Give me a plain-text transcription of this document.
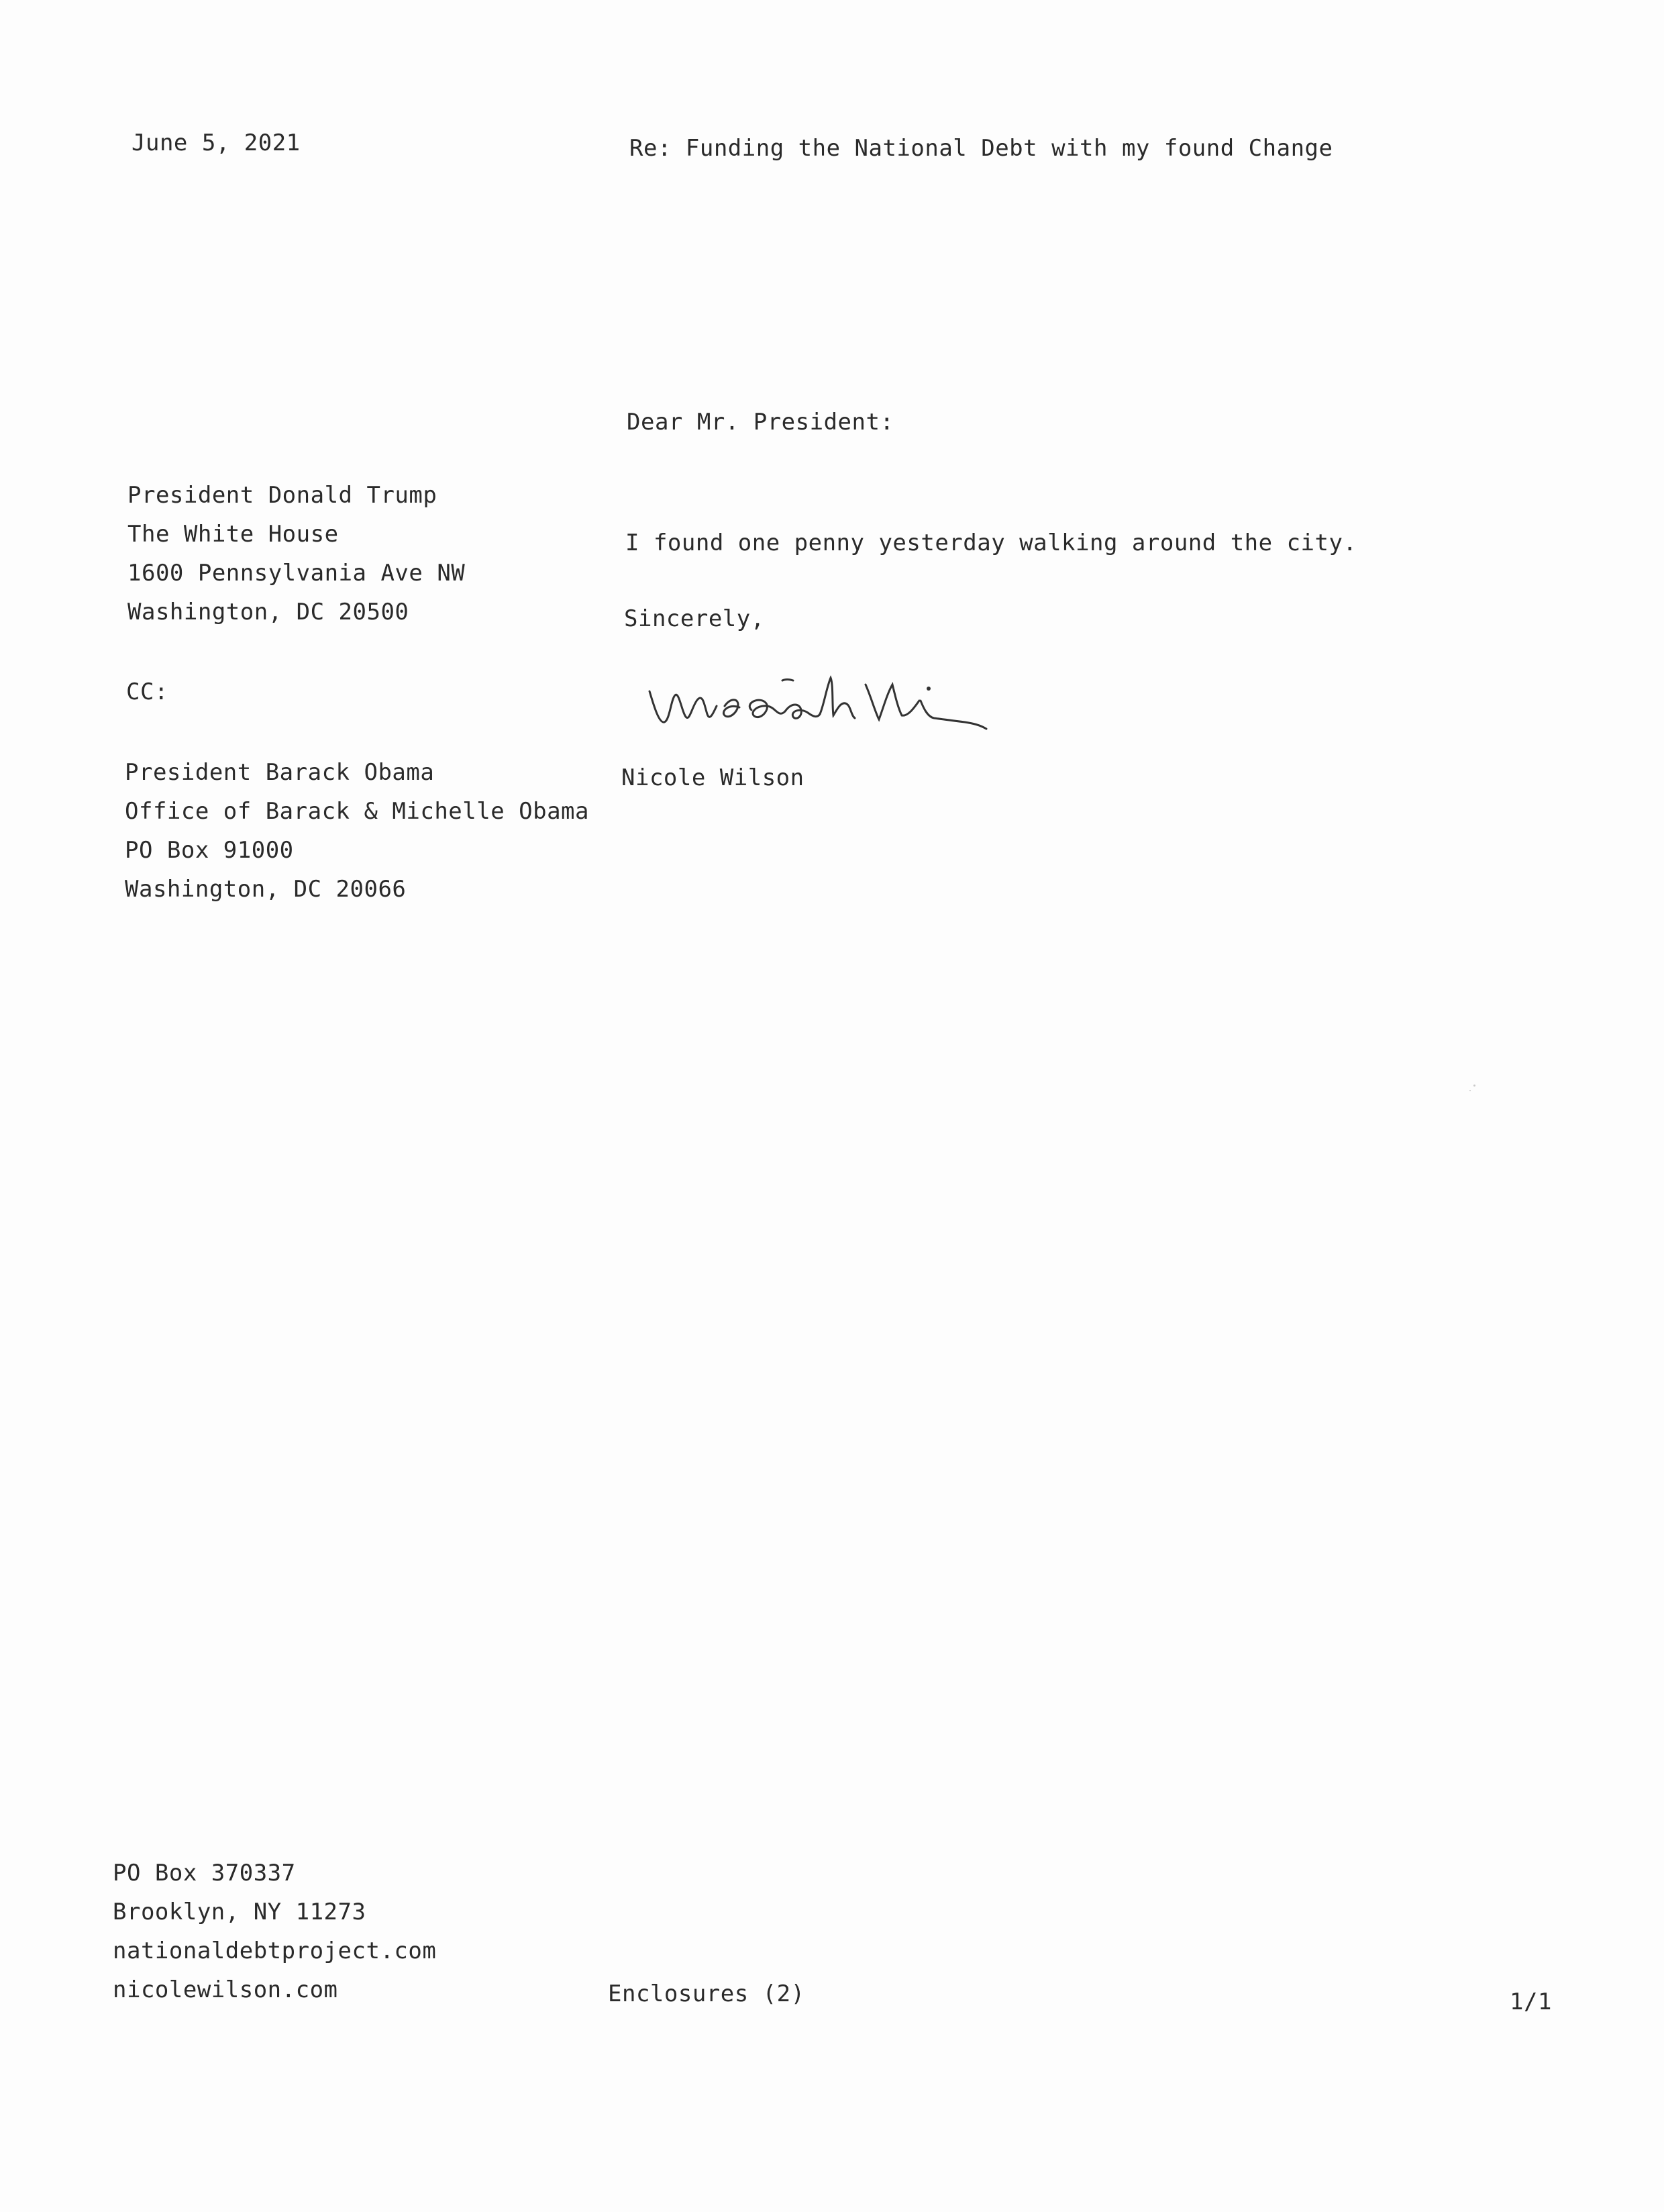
June 5, 2021	Re: Funding the National Debt with my found Change
Dear Mr. President:
President Donald Trump
The White House
1600 Pennsylvania Ave NW
Washington, DC 20500
I found one penny yesterday walking around the city.
Sincerely,
CC:
Nicole Wilson
President Barack Obama
Office of Barack & Michelle Obama
PO Box 91000
Washington, DC 20066
PO Box 370337
Brooklyn, NY 11273
nationaldebtproject.com
nicolewilson.com	Enclosures (2)	1/1
